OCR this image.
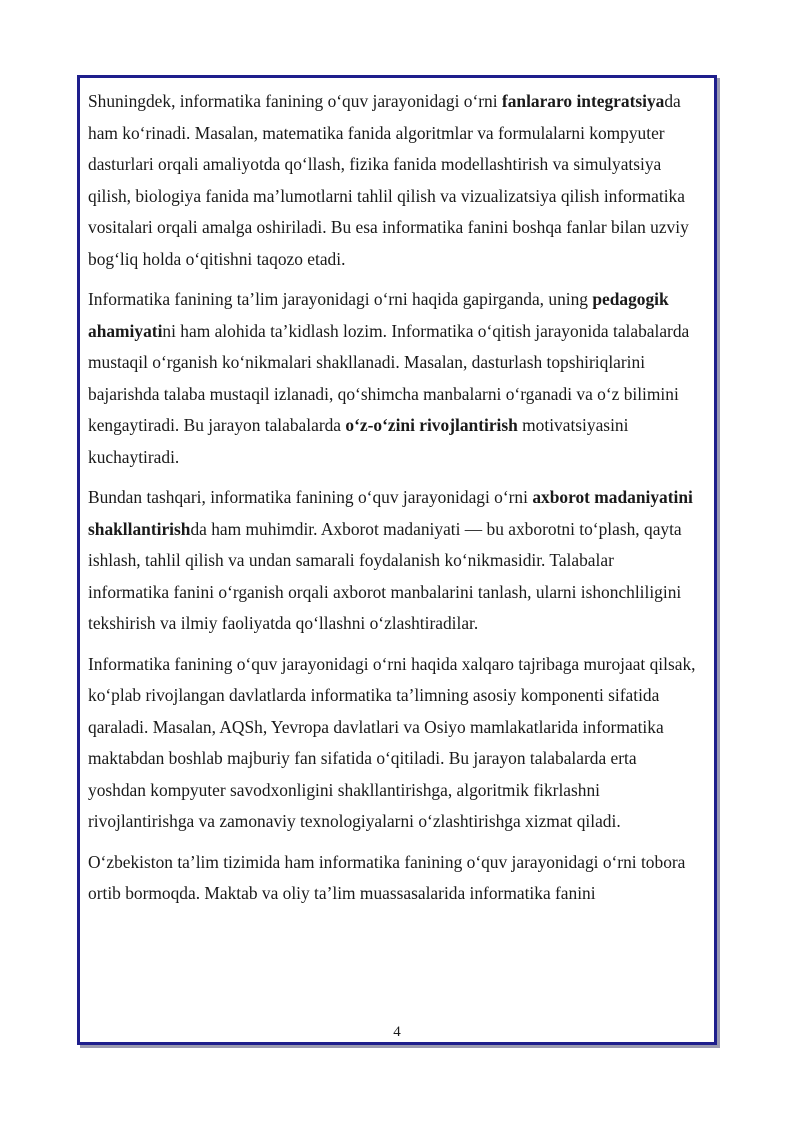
Shuningdek, informatika fanining o‘quv jarayonidagi o‘rni fanlararo integratsiyada ham ko‘rinadi. Masalan, matematika fanida algoritmlar va formulalarni kompyuter dasturlari orqali amaliyotda qo‘llash, fizika fanida modellashtirish va simulyatsiya qilish, biologiya fanida ma’lumotlarni tahlil qilish va vizualizatsiya qilish informatika vositalari orqali amalga oshiriladi. Bu esa informatika fanini boshqa fanlar bilan uzviy bog‘liq holda o‘qitishni taqozo etadi.

Informatika fanining ta’lim jarayonidagi o‘rni haqida gapirganda, uning pedagogik ahamiyatini ham alohida ta’kidlash lozim. Informatika o‘qitish jarayonida talabalarda mustaqil o‘rganish ko‘nikmalari shakllanadi. Masalan, dasturlash topshiriqlarini bajarishda talaba mustaqil izlanadi, qo‘shimcha manbalarni o‘rganadi va o‘z bilimini kengaytiradi. Bu jarayon talabalarda o‘z-o‘zini rivojlantirish motivatsiyasini kuchaytiradi.

Bundan tashqari, informatika fanining o‘quv jarayonidagi o‘rni axborot madaniyatini shakllantirishda ham muhimdir. Axborot madaniyati — bu axborotni to‘plash, qayta ishlash, tahlil qilish va undan samarali foydalanish ko‘nikmasidir. Talabalar informatika fanini o‘rganish orqali axborot manbalarini tanlash, ularni ishonchliligini tekshirish va ilmiy faoliyatda qo‘llashni o‘zlashtiradilar.

Informatika fanining o‘quv jarayonidagi o‘rni haqida xalqaro tajribaga murojaat qilsak, ko‘plab rivojlangan davlatlarda informatika ta’limning asosiy komponenti sifatida qaraladi. Masalan, AQSh, Yevropa davlatlari va Osiyo mamlakatlarida informatika maktabdan boshlab majburiy fan sifatida o‘qitiladi. Bu jarayon talabalarda erta yoshdan kompyuter savodxonligini shakllantirishga, algoritmik fikrlashni rivojlantirishga va zamonaviy texnologiyalarni o‘zlashtirishga xizmat qiladi.

O‘zbekiston ta’lim tizimida ham informatika fanining o‘quv jarayonidagi o‘rni tobora ortib bormoqda. Maktab va oliy ta’lim muassasalarida informatika fanini

4
